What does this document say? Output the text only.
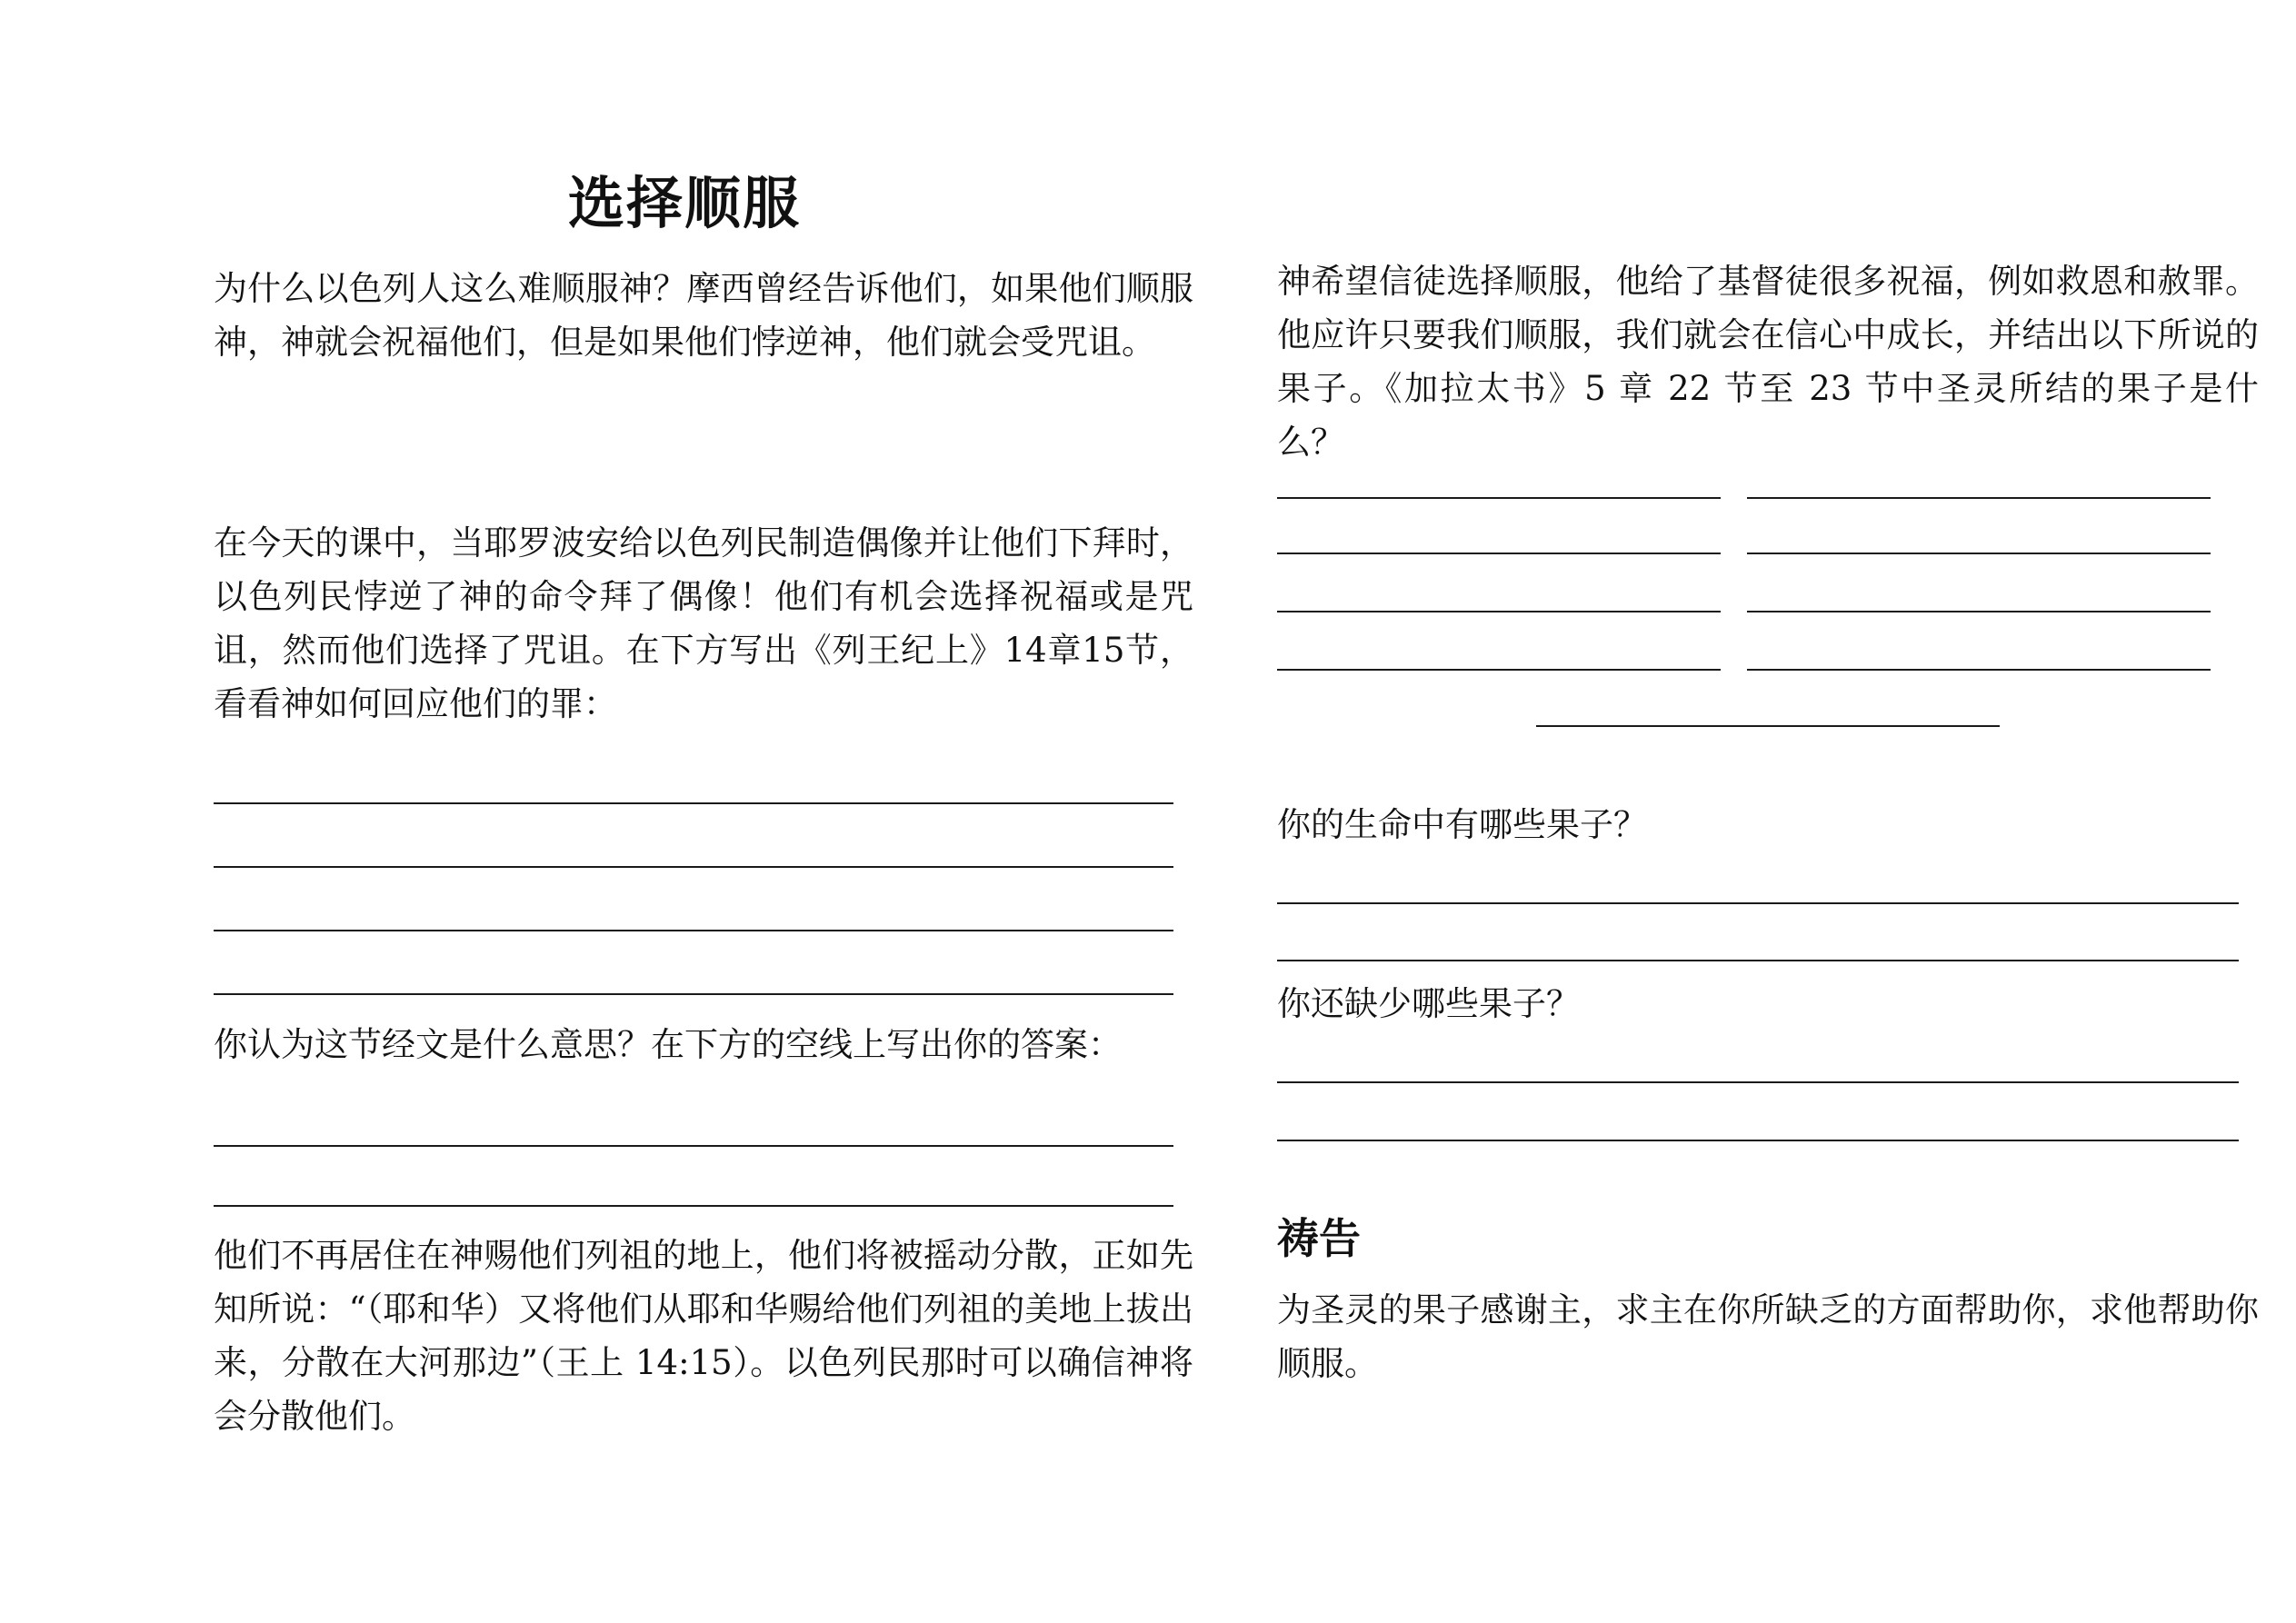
选择顺服

为什么以色列人这么难顺服神？摩西曾经告诉他们，如果他们顺服神，神就会祝福他们，但是如果他们悖逆神，他们就会受咒诅。

在今天的课中，当耶罗波安给以色列民制造偶像并让他们下拜时，以色列民悖逆了神的命令拜了偶像！他们有机会选择祝福或是咒诅，然而他们选择了咒诅。在下方写出《列王纪上》14章15节，看看神如何回应他们的罪：

你认为这节经文是什么意思？在下方的空线上写出你的答案：

他们不再居住在神赐他们列祖的地上，他们将被摇动分散，正如先知所说：“（耶和华）又将他们从耶和华赐给他们列祖的美地上拔出来，分散在大河那边”（王上 14:15）。以色列民那时可以确信神将会分散他们。

神希望信徒选择顺服，他给了基督徒很多祝福，例如救恩和赦罪。他应许只要我们顺服，我们就会在信心中成长，并结出以下所说的果子。《加拉太书》5 章 22 节至 23 节中圣灵所结的果子是什么？

你的生命中有哪些果子？

你还缺少哪些果子？

祷告

为圣灵的果子感谢主，求主在你所缺乏的方面帮助你，求他帮助你顺服。
